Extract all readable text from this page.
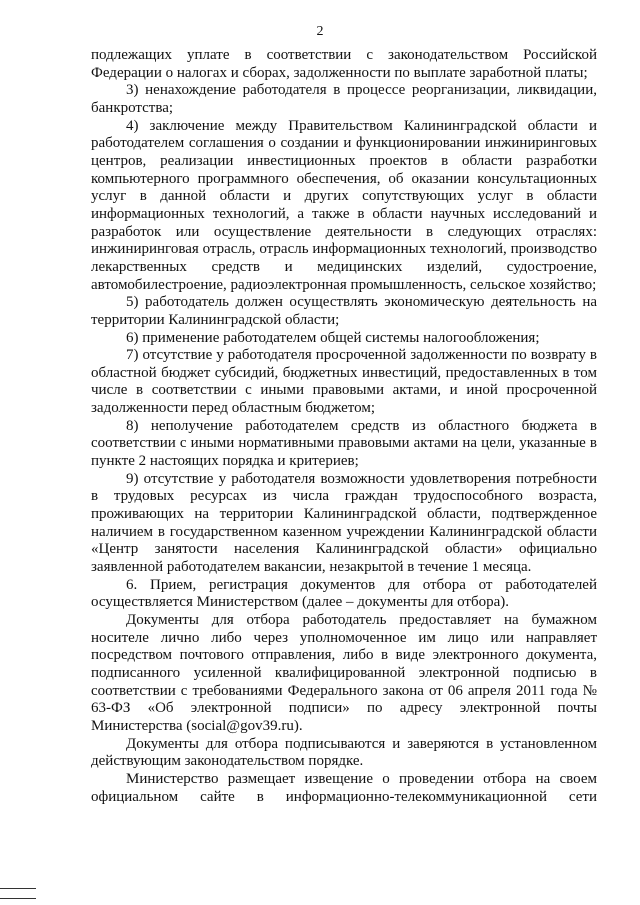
2

подлежащих уплате в соответствии с законодательством Российской Федерации о налогах и сборах, задолженности по выплате заработной платы;

3) ненахождение работодателя в процессе реорганизации, ликвидации, банкротства;

4) заключение между Правительством Калининградской области и работодателем соглашения о создании и функционировании инжиниринговых центров, реализации инвестиционных проектов в области разработки компьютерного программного обеспечения, об оказании консультационных услуг в данной области и других сопутствующих услуг в области информационных технологий, а также в области научных исследований и разработок или осуществление деятельности в следующих отраслях: инжиниринговая отрасль, отрасль информационных технологий, производство лекарственных средств и медицинских изделий, судостроение, автомобилестроение, радиоэлектронная промышленность, сельское хозяйство;

5) работодатель должен осуществлять экономическую деятельность на территории Калининградской области;

6) применение работодателем общей системы налогообложения;

7) отсутствие у работодателя просроченной задолженности по возврату в областной бюджет субсидий, бюджетных инвестиций, предоставленных в том числе в соответствии с иными правовыми актами, и иной просроченной задолженности перед областным бюджетом;

8) неполучение работодателем средств из областного бюджета в соответствии с иными нормативными правовыми актами на цели, указанные в пункте 2 настоящих порядка и критериев;

9) отсутствие у работодателя возможности удовлетворения потребности в трудовых ресурсах из числа граждан трудоспособного возраста, проживающих на территории Калининградской области, подтвержденное наличием в государственном казенном учреждении Калининградской области «Центр занятости населения Калининградской области» официально заявленной работодателем вакансии, незакрытой в течение 1 месяца.

6. Прием, регистрация документов для отбора от работодателей осуществляется Министерством (далее – документы для отбора).

Документы для отбора работодатель предоставляет на бумажном носителе лично либо через уполномоченное им лицо или направляет посредством почтового отправления, либо в виде электронного документа, подписанного усиленной квалифицированной электронной подписью в соответствии с требованиями Федерального закона от 06 апреля 2011 года № 63-ФЗ «Об электронной подписи» по адресу электронной почты Министерства (social@gov39.ru).

Документы для отбора подписываются и заверяются в установленном действующим законодательством порядке.

Министерство размещает извещение о проведении отбора на своем официальном сайте в информационно-телекоммуникационной сети
